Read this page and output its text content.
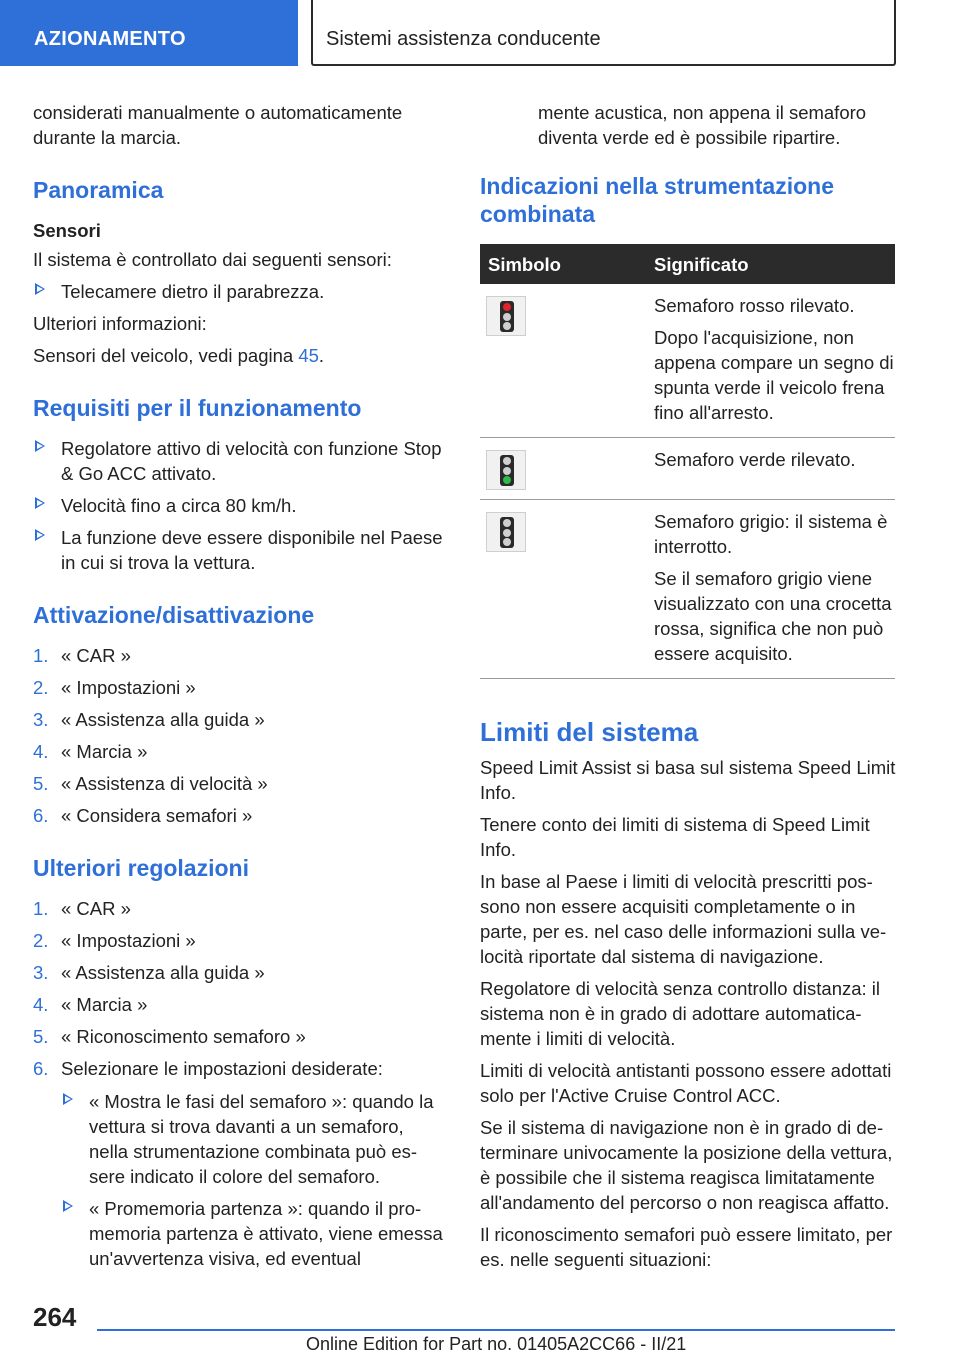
AZIONAMENTO	Sistemi assistenza conducente

considerati manualmente o automaticamente durante la marcia.

Panoramica
Sensori

Il sistema è controllato dai seguenti sensori:

Telecamere dietro il parabrezza.

Ulteriori informazioni:

Sensori del veicolo, vedi pagina 45.

Requisiti per il funzionamento
Regolatore attivo di velocità con funzione Stop & Go ACC attivato.
Velocità fino a circa 80 km/h.
La funzione deve essere disponibile nel Paese in cui si trova la vettura.
Attivazione/disattivazione
1. « CAR »
2. « Impostazioni »
3. « Assistenza alla guida »
4. « Marcia »
5. « Assistenza di velocità »
6. « Considera semafori »
Ulteriori regolazioni
1. « CAR »
2. « Impostazioni »
3. « Assistenza alla guida »
4. « Marcia »
5. « Riconoscimento semaforo »
6. Selezionare le impostazioni desiderate:
« Mostra le fasi del semaforo »: quando la vettura si trova davanti a un semaforo, nella strumentazione combinata può essere indicato il colore del semaforo.
« Promemoria partenza »: quando il promemoria partenza è attivato, viene emessa un'avvertenza visiva, ed eventual

mente acustica, non appena il semaforo diventa verde ed è possibile ripartire.

Indicazioni nella strumentazione combinata
Simbolo	Significato

	Semaforo rosso rilevato.

Dopo l'acquisizione, non appena compare un segno di spunta verde il veicolo frena fino all'arresto.

	Semaforo verde rilevato.

	Semaforo grigio: il sistema è interrotto.

Se il semaforo grigio viene visualizzato con una crocetta rossa, significa che non può essere acquisito.

Limiti del sistema

Speed Limit Assist si basa sul sistema Speed Limit Info.

Tenere conto dei limiti di sistema di Speed Limit Info.

In base al Paese i limiti di velocità prescritti possono non essere acquisiti completamente o in parte, per es. nel caso delle informazioni sulla velocità riportate dal sistema di navigazione.

Regolatore di velocità senza controllo distanza: il sistema non è in grado di adottare automaticamente i limiti di velocità.

Limiti di velocità antistanti possono essere adottati solo per l'Active Cruise Control ACC.

Se il sistema di navigazione non è in grado di determinare univocamente la posizione della vettura, è possibile che il sistema reagisca limitatamente all'andamento del percorso o non reagisca affatto.

Il riconoscimento semafori può essere limitato, per es. nelle seguenti situazioni:

264
Online Edition for Part no. 01405A2CC66 - II/21
